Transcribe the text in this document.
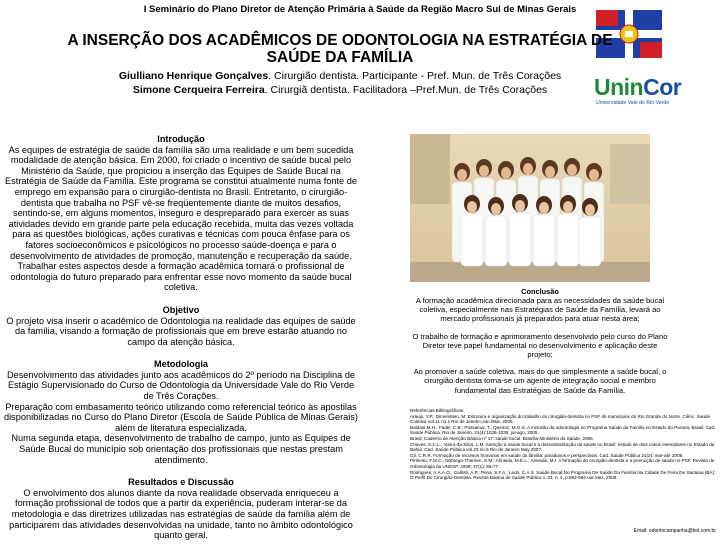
I Seminário do Plano Diretor de Atenção Primária à Saúde da Região Macro Sul de Minas Gerais
A INSERÇÃO DOS ACADÊMICOS DE ODONTOLOGIA NA ESTRATÉGIA DE SAÚDE DA FAMÍLIA
Giulliano Henrique Gonçalves. Cirurgião dentista. Participante - Pref. Mun. de Três Corações
Simone Cerqueira Ferreira. Cirurgiã dentista. Facilitadora –Pref.Mun. de Três Corações	UninCor
Universidade Vale do Rio Verde
Introdução

As equipes de estratégia de saúde da família são uma realidade e um bem sucedida modalidade de atenção básica. Em 2000, foi criado o incentivo de saúde bucal pelo Ministério da Saúde, que propiciou a inserção das Equipes de Saúde Bucal na Estratégia de Saúde da Família. Este programa se constitui atualmente numa fonte de emprego em expansão para o cirurgião-dentista no Brasil. Entretanto, o cirurgião-dentista que trabalha no PSF vê-se freqüentemente diante de muitos desafios, sentindo-se, em alguns momentos, inseguro e despreparado para exercer as suas atividades devido em grande parte pela educação recebida, muita das vezes voltada para as questões biológicas, ações curativas e técnicas com pouca ênfase para os fatores socioeconômicos e psicológicos no processo saúde-doença e para o desenvolvimento de atividades de promoção, manutenção e recuperação da saúde. Trabalhar estes aspectos desde a formação acadêmica tornará o profissional de odontologia do futuro preparado para enfrentar esse novo momento da saúde bucal coletiva.

Objetivo

O projeto visa inserir o acadêmico de Odontologia na realidade das equipes de saúde da família, visando a formação de profissionais que em breve estarão atuando no campo da atenção básica.

Metodologia

Desenvolvimento das atividades junto aos acadêmicos do 2º período na Disciplina de Estágio Supervisionado do Curso de Odontologia da Universidade Vale do Rio Verde de Três Corações.

Preparação com embasamento teórico utilizando como referencial teórico às apostilas disponibilizadas no Curso do Plano Diretor (Escola de Saúde Pública de Minas Gerais) além de literatura especializada.

Numa segunda etapa, desenvolvimento de trabalho de campo, junto as Equipes de Saúde Bucal do município sob orientação dos profissionais que nestas prestam atendimento.

Resultados e Discussão

O envolvimento dos alunos diante da nova realidade observada enriqueceu a formação profissional de todos que a partir da experiência, puderam interar-se da metodologia e das diretrizes utilizadas nas estratégias de saúde da família além de participarem das atividades desenvolvidas na unidade, tanto no âmbito odontológico quanto geral.

Conclusão

A formação acadêmica direcionada para as necessidades da saúde bucal coletiva, especialmente nas Estratégias de Saúde da Família, levará ao mercado profissionais já preparados para atuar nesta área;

O trabalho de formação e aprimoramento desenvolvido pelo curso do Plano Diretor teve papel fundamental no desenvolvimento e aplicação deste projeto;

Ao promover a saúde coletiva, mais do que simplesmente a saúde bucal, o cirurgião dentista torna-se um agente de integração social e membro fundamental das Estratégias de Saúde da Família.

Referências Bibliográficas:

Araujo, Y.P.; Dimenstein, M. Estrutura e organização do trabalho do cirurgião-dentista no PSF de municípios do Rio Grande do Norte. Ciênc. Saúde Coletiva vol.11 no.1 Rio de Janeiro Jan./Mar. 2006.

Baldani,M.H.; Fadel, C.B.; Possamai, T.; Queiroz, M.G.S. A inclusão da odontologia no Programa Saúde da Família no Estado do Paraná, Brasil. Cad. Saúde Pública, Rio de Janeiro, 21(4):1026-1035, jul-ago, 2005.

Brasil, Caderno de Atenção Básica nº 17: saúde bucal. Brasília Ministério da Saúde, 2006.

Chaves, S.C.L.; Vieira-da-Silva, L.M. Atenção à saúde bucal e a descentralização da saúde no Brasil: estudo de dois casos exemplares no Estado da Bahia. Cad. Saúde Pública vol.23 no.5 Rio de Janeiro May 2007.

Gil, C.R.R. Formação de recursos humanos em saúde da família: paradoxos e perspectivas. Cad. Saúde Pública 21(2): mar-abr 2005.

Pinheiro, F.M.C.; Nóbrega-Therrien, S.M.; Almeida, M.E.L.; Almeida, M.I. A formação do cirurgião-dentista e a promoção de saúde no PSF. Revista de Odontologia da UNESP. 2008; 37(1): 69-77.

Rodrigues, A.A.A.O.; Gallotti, A.P.; Pena, S.F.A.; Ledo, C.A.S. Saúde Bucal No Programa De Saúde Da Família Na Cidade De Feira De Santana (BA): O Perfil Do Cirurgião-Dentista. Revista Baiana de Saúde Pública v. 33, n. 4, p.582-594 out./dez. 2009.

Email: odontocampanha@bol.com.br
